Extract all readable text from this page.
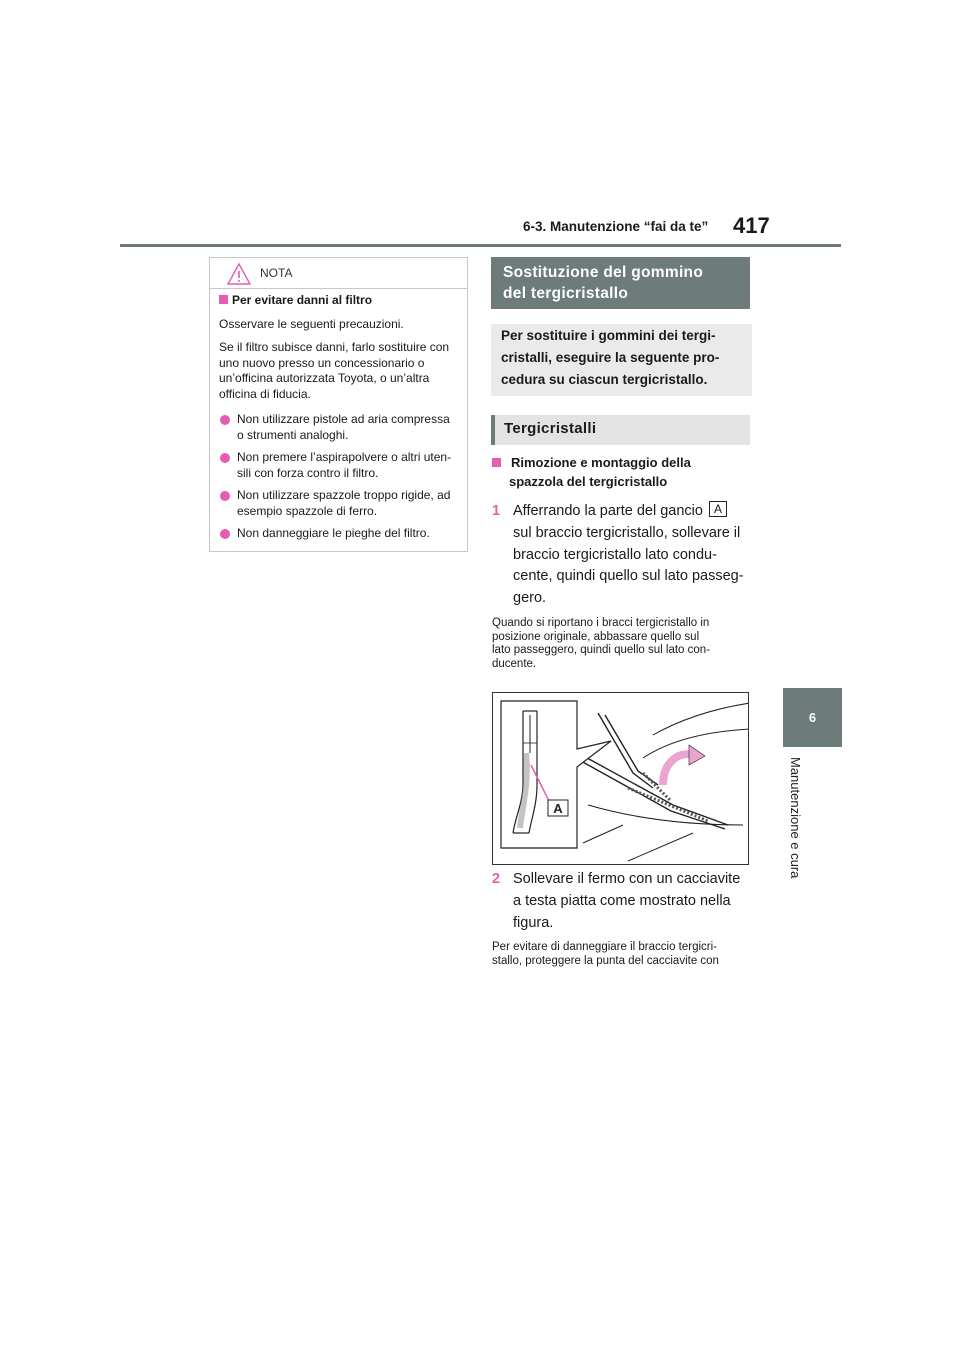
6-3. Manutenzione “fai da te” 417
6
Manutenzione e cura
NOTA

Per evitare danni al filtro

Osservare le seguenti precauzioni.

Se il filtro subisce danni, farlo sostituire con uno nuovo presso un concessionario o un’officina autorizzata Toyota, o un’altra officina di fiducia.

Non utilizzare pistole ad aria compressa o strumenti analoghi.
Non premere l’aspirapolvere o altri uten-sili con forza contro il filtro.
Non utilizzare spazzole troppo rigide, ad esempio spazzole di ferro.
Non danneggiare le pieghe del filtro.
Sostituzione del gommino
del tergicristallo
Per sostituire i gommini dei tergi-
cristalli, eseguire la seguente pro-
cedura su ciascun tergicristallo.
Tergicristalli
Rimozione e montaggio della
spazzola del tergicristallo
1 Afferrando la parte del gancio A
sul braccio tergicristallo, sollevare il
braccio tergicristallo lato condu-
cente, quindi quello sul lato passeg-
gero.
Quando si riportano i bracci tergicristallo in
posizione originale, abbassare quello sul
lato passeggero, quindi quello sul lato con-
ducente.
A
2 Sollevare il fermo con un cacciavite
a testa piatta come mostrato nella
figura.
Per evitare di danneggiare il braccio tergicri-
stallo, proteggere la punta del cacciavite con
